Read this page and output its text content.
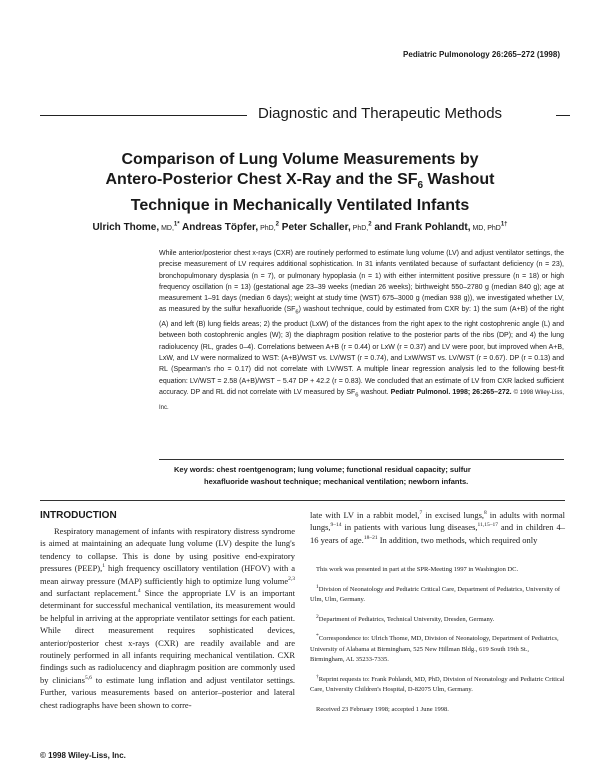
Pediatric Pulmonology 26:265–272 (1998)
Diagnostic and Therapeutic Methods
Comparison of Lung Volume Measurements by
Antero-Posterior Chest X-Ray and the $SF_6$ Washout
Technique in Mechanically Ventilated Infants
Ulrich Thome, MD,$^{1*}$ Andreas Töpfer, PhD,$^2$ Peter Schaller, PhD,$^2$ and Frank Pohlandt, MD, PhD$^{1\dagger}$
While anterior/posterior chest x-rays (CXR) are routinely performed to estimate lung volume (LV) and adjust ventilator settings, the precise measurement of LV requires additional sophistication. In 31 infants ventilated because of surfactant deficiency (n = 23), bronchopulmonary dysplasia (n = 7), or pulmonary hypoplasia (n = 1) with either intermittent positive pressure (n = 18) or high frequency oscillation (n = 13) (gestational age 23–39 weeks (median 26 weeks); birthweight 550–2780 g (median 840 g); age at measurement 1–91 days (median 6 days); weight at study time (WST) 675–3000 g (median 938 g)), we investigated whether LV, as measured by the sulfur hexafluoride $(SF_6)$ washout technique, could by estimated from CXR by: 1) the sum (A+B) of the right (A) and left (B) lung fields areas; 2) the product (LxW) of the distances from the right apex to the right costophrenic angle (L) and between both costophrenic angles (W); 3) the diaphragm position relative to the posterior parts of the ribs (DP); and 4) the lung radiolucency (RL, grades 0–4). Correlations between A+B (r = 0.44) or LxW (r = 0.37) and LV were poor, but improved when A+B, LxW, and LV were normalized to WST: (A+B)/WST vs. LV/WST (r = 0.74), and LxW/WST vs. LV/WST (r = 0.67). DP (r = 0.13) and RL (Spearman's rho = 0.17) did not correlate with LV/WST. A multiple linear regression analysis led to the following best-fit equation: LV/WST = 2.58 (A+B)/WST − 5.47 DP + 42.2 (r = 0.83). We concluded that an estimate of LV from CXR lacked sufficient accuracy. DP and RL did not correlate with LV measured by $SF_6$ washout. Pediatr Pulmonol. 1998; 26:265–272. © 1998 Wiley-Liss, Inc.
Key words: chest roentgenogram; lung volume; functional residual capacity; sulfur
hexafluoride washout technique; mechanical ventilation; newborn infants.
INTRODUCTION

Respiratory management of infants with respiratory distress syndrome is aimed at maintaining an adequate lung volume (LV) despite the lung's tendency to collapse. This is done by using positive end-expiratory pressures (PEEP),$^1$ high frequency oscillatory ventilation (HFOV) with a mean airway pressure (MAP) sufficiently high to optimize lung volume$^{2,3}$ and surfactant replacement.$^4$ Since the appropriate LV is an important determinant for successful mechanical ventilation, its measurement would be helpful in arriving at the appropriate ventilator settings for each patient. While direct measurement requires sophisticated devices, anterior/posterior chest x-rays (CXR) are readily available and are routinely performed in all infants requiring mechanical ventilation. CXR findings such as radiolucency and diaphragm position are commonly used by clinicians$^{5,6}$ to estimate lung inflation and adjust ventilator settings. Further, various measurements based on anterior–posterior and lateral chest radiographs have been shown to corre-

late with LV in a rabbit model,$^7$ in excised lungs,$^8$ in adults with normal lungs,$^{9-14}$ in patients with various lung diseases,$^{11,15-17}$ and in children 4–16 years of age.$^{18-21}$ In addition, two methods, which required only

This work was presented in part at the SPR-Meeting 1997 in Washington DC.

$^1$Division of Neonatology and Pediatric Critical Care, Department of Pediatrics, University of Ulm, Ulm, Germany.

$^2$Department of Pediatrics, Technical University, Dresden, Germany.

*Correspondence to: Ulrich Thome, MD, Division of Neonatology, Department of Pediatrics, University of Alabama at Birmingham, 525 New Hillman Bldg., 619 South 19th St., Birmingham, AL 35233-7335.

†Reprint requests to: Frank Pohlandt, MD, PhD, Division of Neonatology and Pediatric Critical Care, University Children's Hospital, D-82075 Ulm, Germany.

Received 23 February 1998; accepted 1 June 1998.

© 1998 Wiley-Liss, Inc.
